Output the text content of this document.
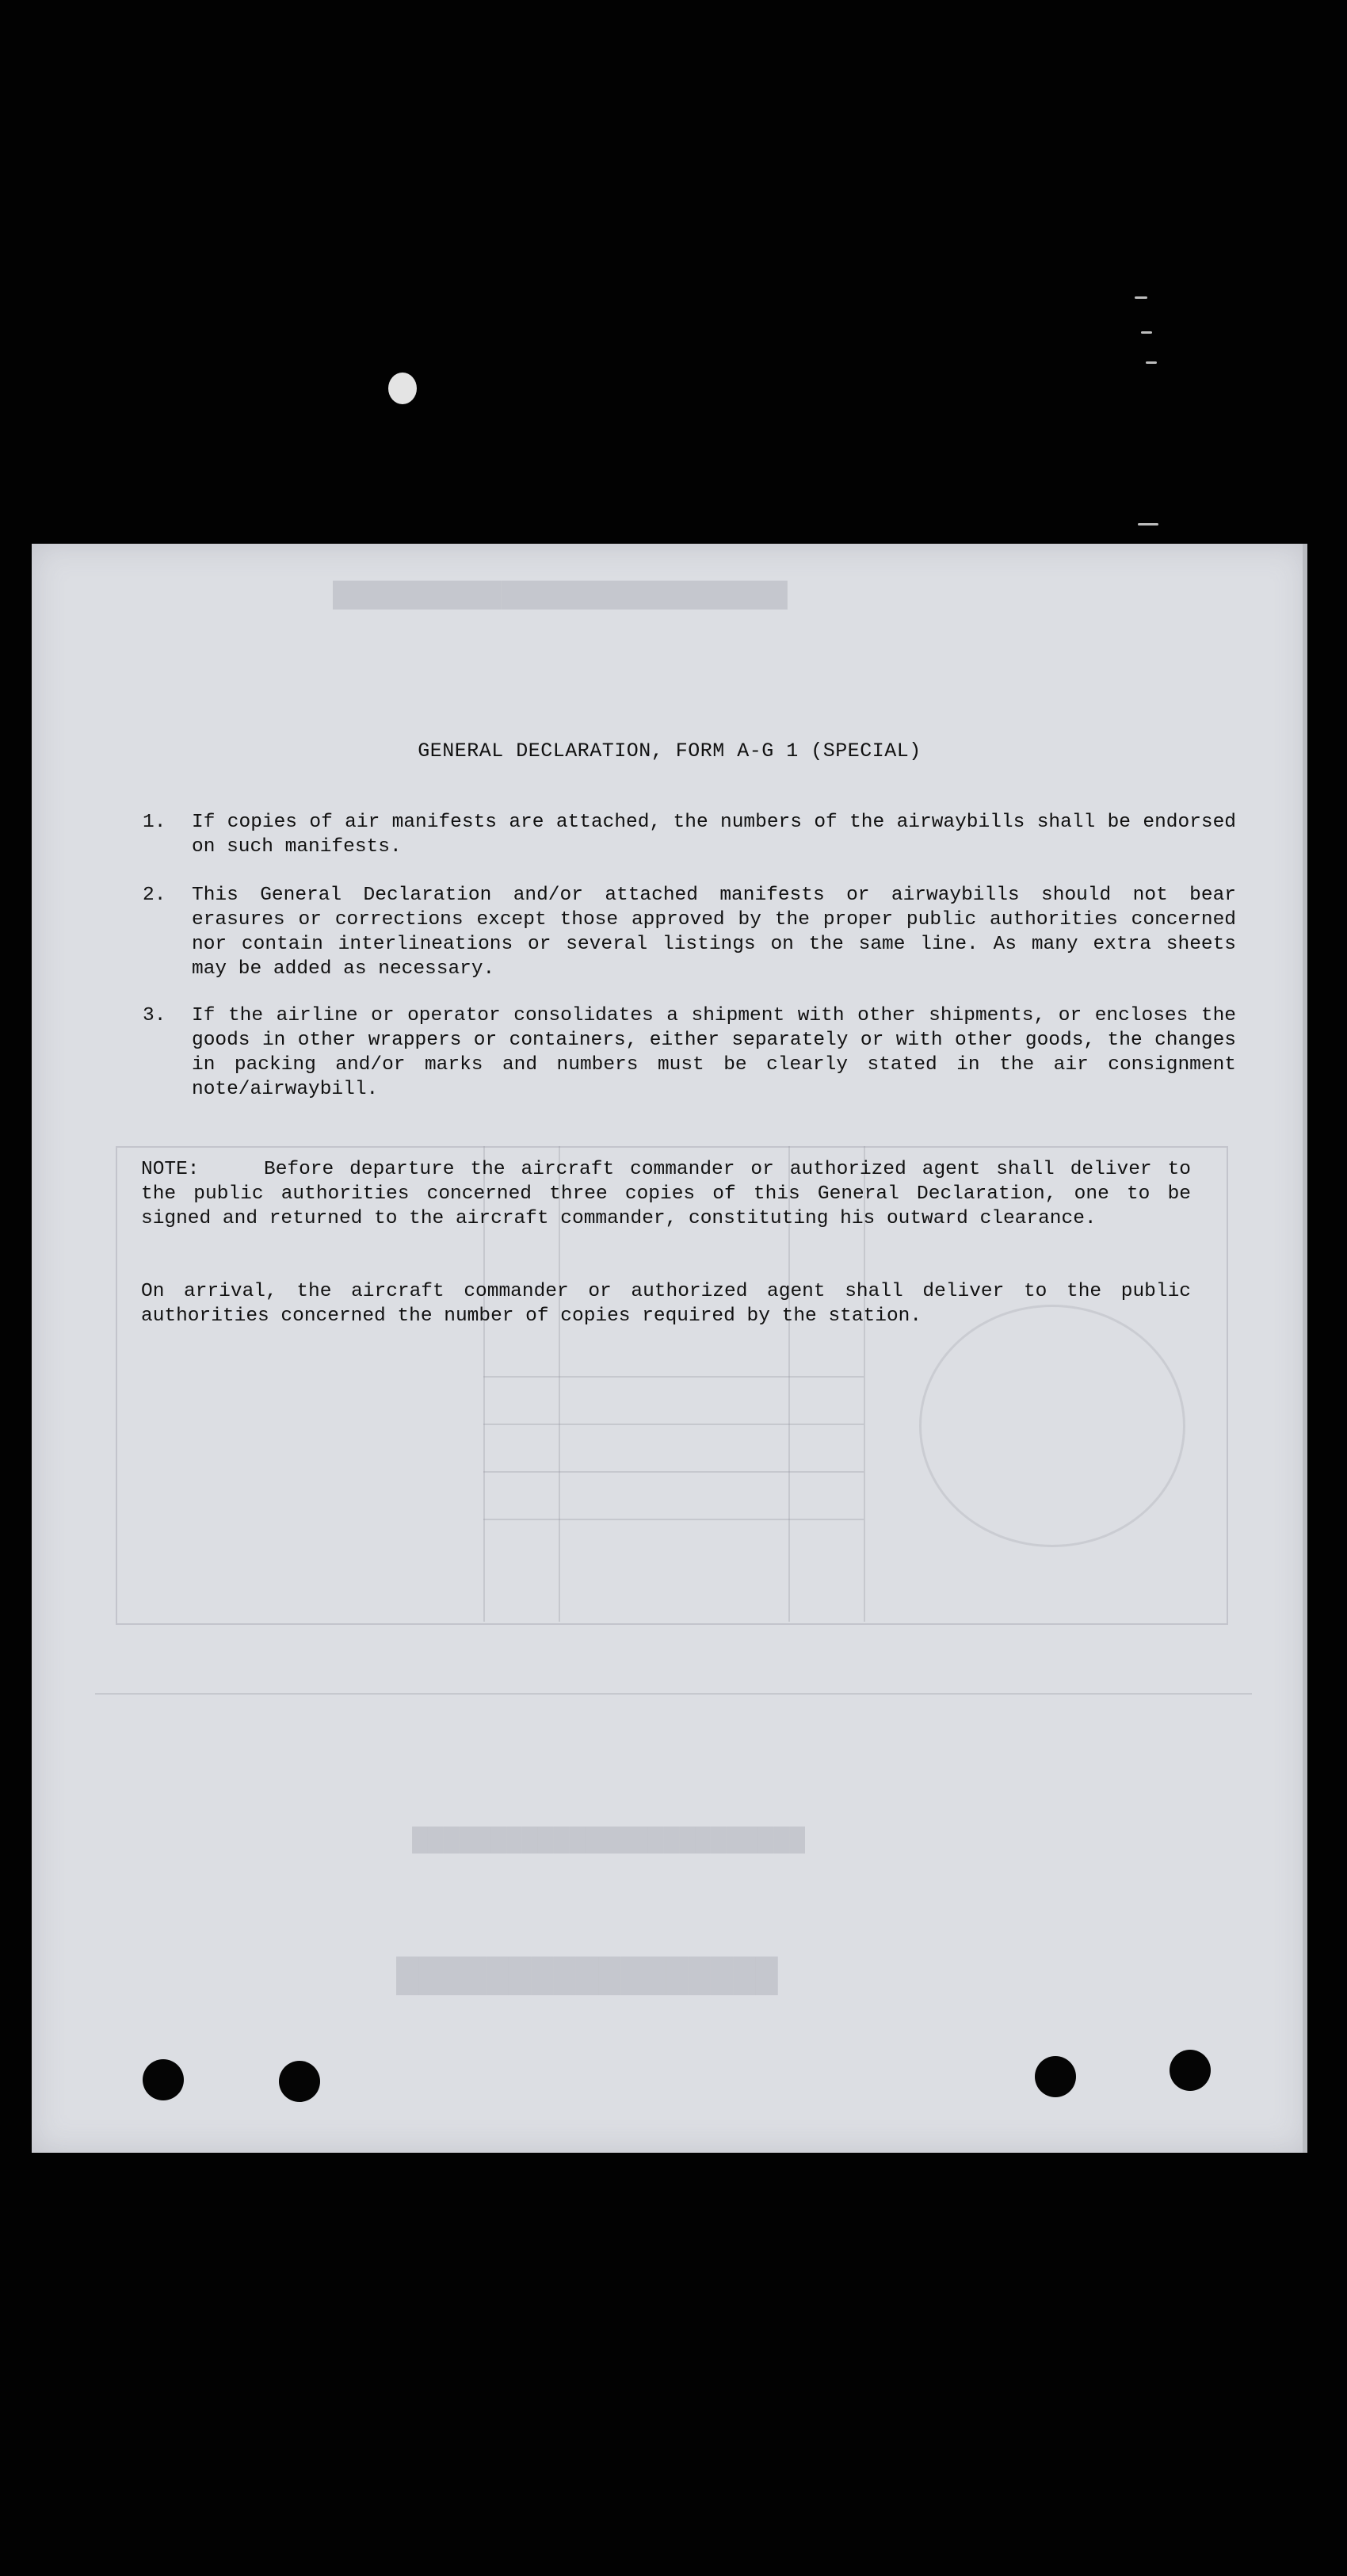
███████████████████████████
█████████████████████████
█████████████████
GENERAL DECLARATION, FORM A-G 1 (SPECIAL)
1.	If copies of air manifests are attached, the numbers of the airwaybills shall be endorsed on such manifests.
2.	This General Declaration and/or attached manifests or airwaybills should not bear erasures or corrections except those approved by the proper public authorities concerned nor contain interlineations or several listings on the same line. As many extra sheets may be added as necessary.
3.	If the airline or operator consolidates a shipment with other shipments, or encloses the goods in other wrappers or containers, either separately or with other goods, the changes in packing and/or marks and numbers must be clearly stated in the air consignment note/airwaybill.
NOTE:	Before departure the aircraft commander or authorized agent shall deliver to the public authorities concerned three copies of this General Declaration, one to be signed and returned to the aircraft commander, constituting his outward clearance.
On arrival, the aircraft commander or authorized agent shall deliver to the public authorities concerned the number of copies required by the station.
